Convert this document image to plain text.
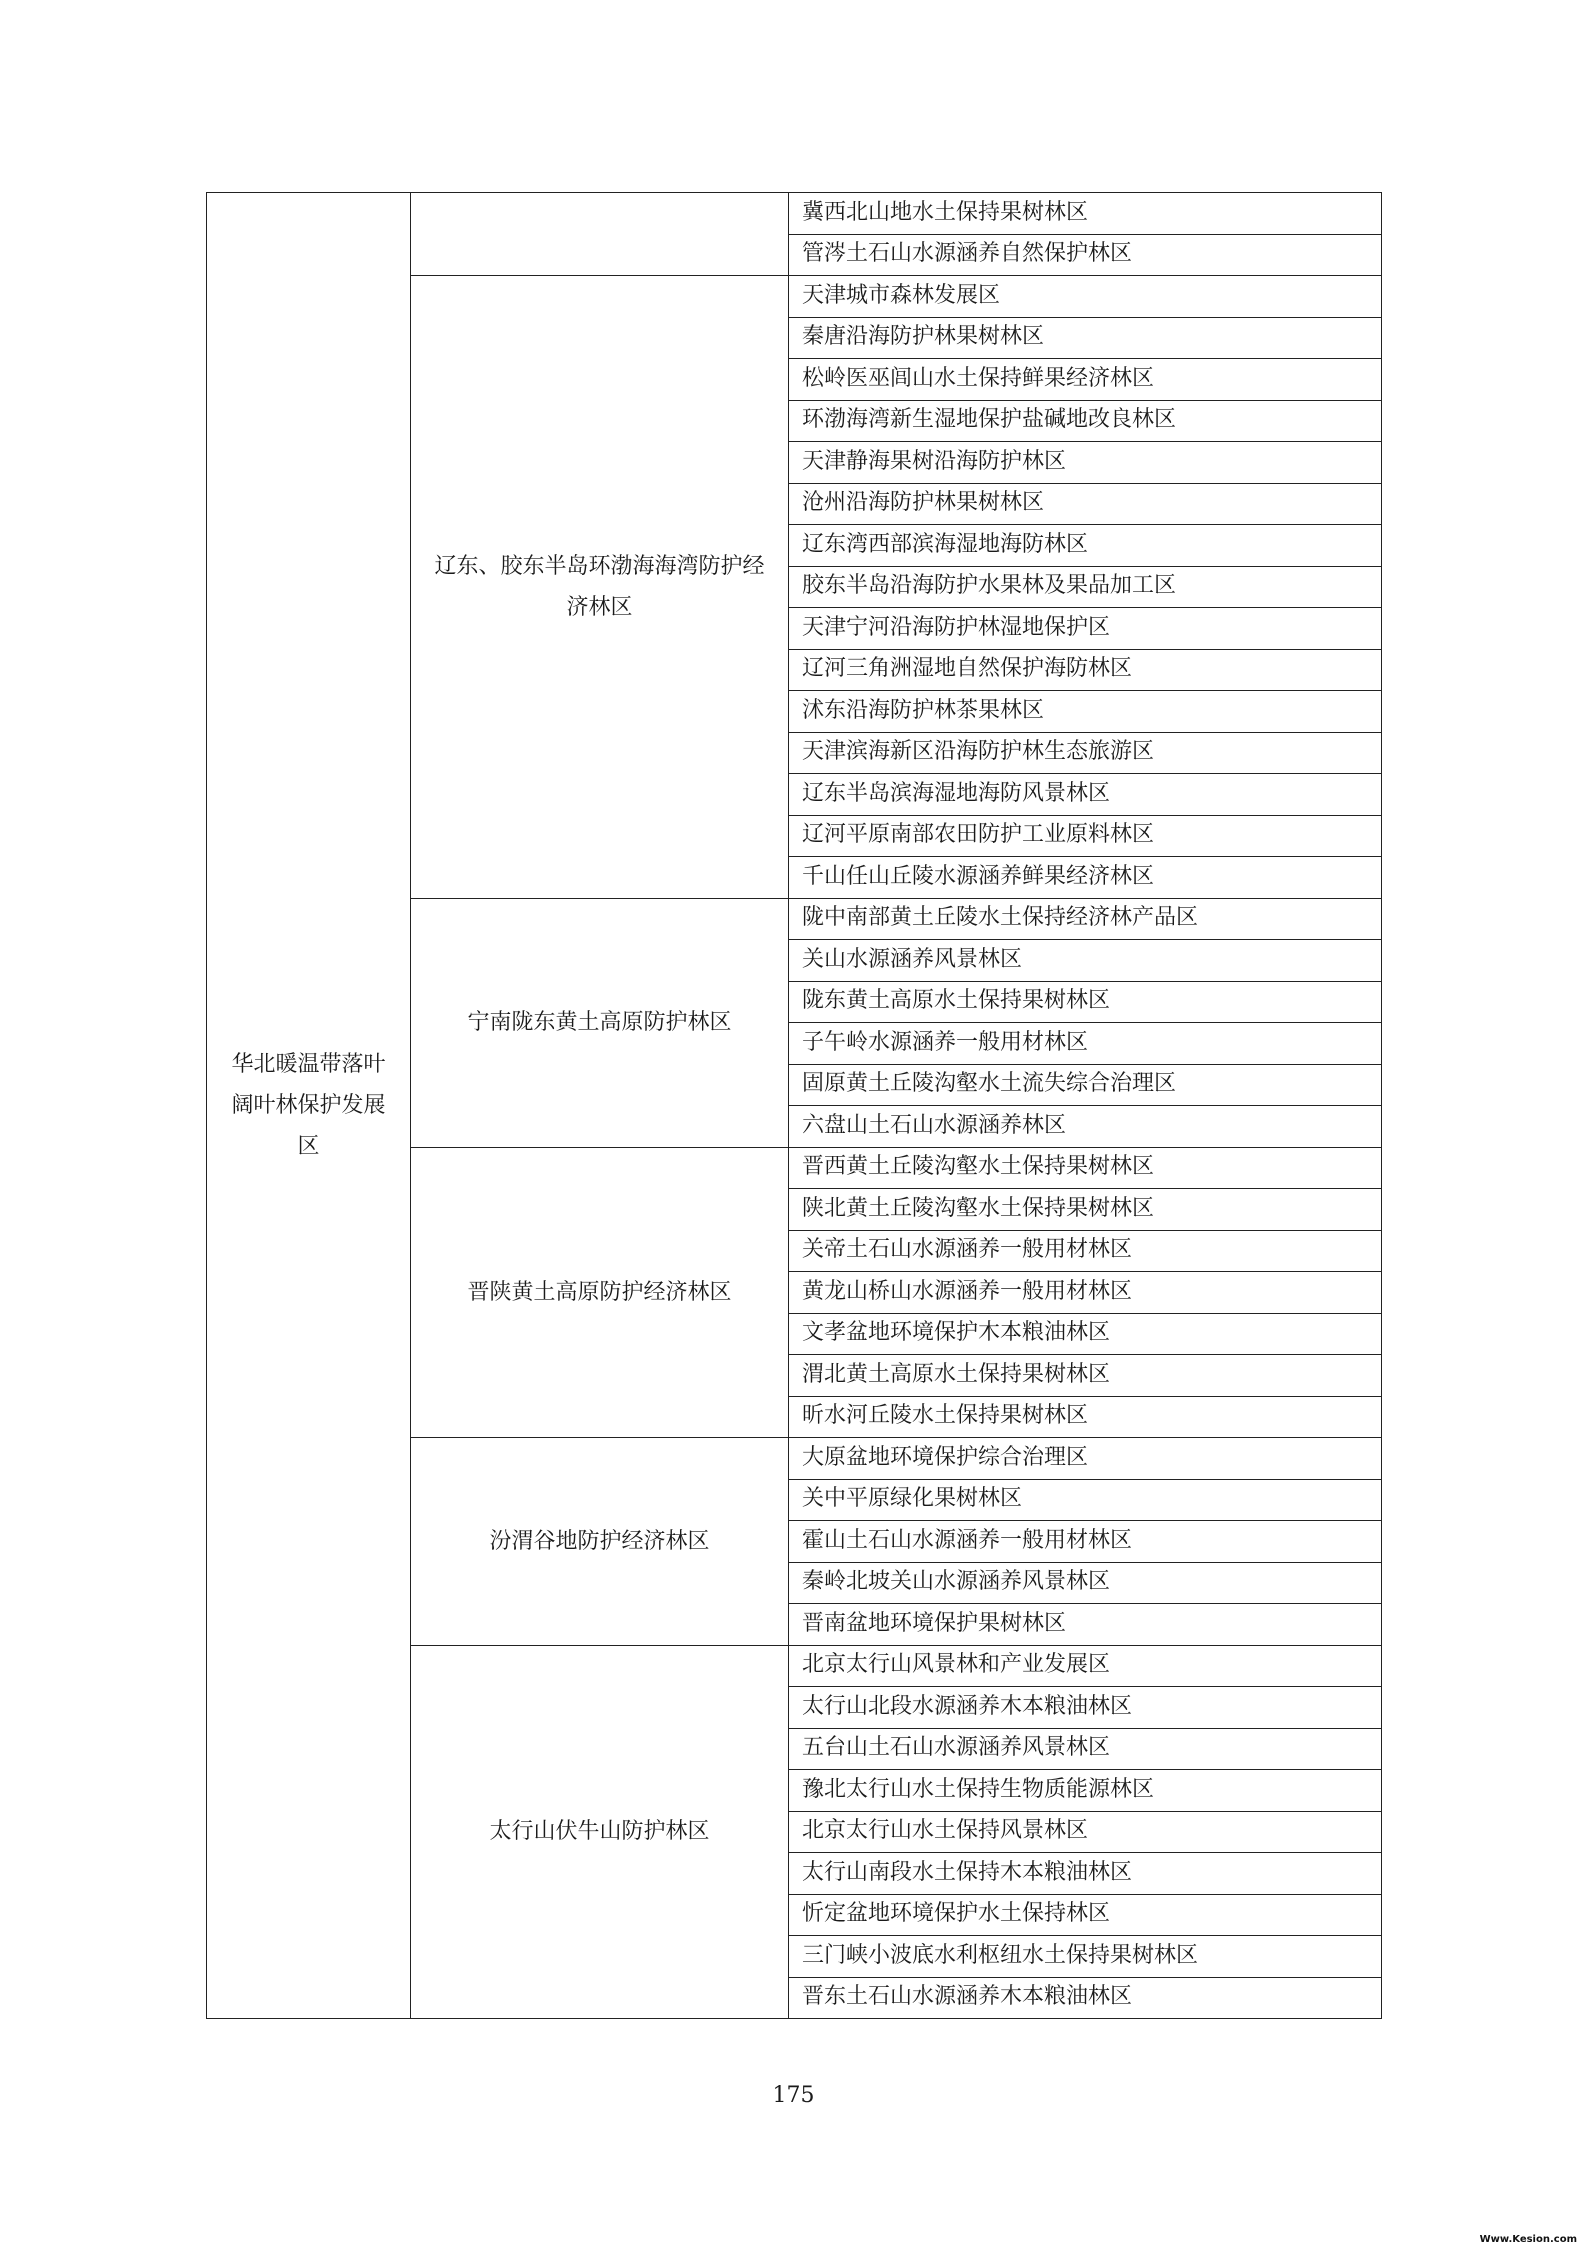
华北暖温带落叶阔叶林保护发展区		冀西北山地水土保持果树林区
		管涔土石山水源涵养自然保护林区
	辽东、胶东半岛环渤海海湾防护经济林区	天津城市森林发展区
		秦唐沿海防护林果树林区
		松岭医巫闾山水土保持鲜果经济林区
		环渤海湾新生湿地保护盐碱地改良林区
		天津静海果树沿海防护林区
		沧州沿海防护林果树林区
		辽东湾西部滨海湿地海防林区
		胶东半岛沿海防护水果林及果品加工区
		天津宁河沿海防护林湿地保护区
		辽河三角洲湿地自然保护海防林区
		沭东沿海防护林茶果林区
		天津滨海新区沿海防护林生态旅游区
		辽东半岛滨海湿地海防风景林区
		辽河平原南部农田防护工业原料林区
		千山任山丘陵水源涵养鲜果经济林区
	宁南陇东黄土高原防护林区	陇中南部黄土丘陵水土保持经济林产品区
		关山水源涵养风景林区
		陇东黄土高原水土保持果树林区
		子午岭水源涵养一般用材林区
		固原黄土丘陵沟壑水土流失综合治理区
		六盘山土石山水源涵养林区
	晋陕黄土高原防护经济林区	晋西黄土丘陵沟壑水土保持果树林区
		陕北黄土丘陵沟壑水土保持果树林区
		关帝土石山水源涵养一般用材林区
		黄龙山桥山水源涵养一般用材林区
		文孝盆地环境保护木本粮油林区
		渭北黄土高原水土保持果树林区
		昕水河丘陵水土保持果树林区
	汾渭谷地防护经济林区	大原盆地环境保护综合治理区
		关中平原绿化果树林区
		霍山土石山水源涵养一般用材林区
		秦岭北坡关山水源涵养风景林区
		晋南盆地环境保护果树林区
	太行山伏牛山防护林区	北京太行山风景林和产业发展区
		太行山北段水源涵养木本粮油林区
		五台山土石山水源涵养风景林区
		豫北太行山水土保持生物质能源林区
		北京太行山水土保持风景林区
		太行山南段水土保持木本粮油林区
		忻定盆地环境保护水土保持林区
		三门峡小波底水利枢纽水土保持果树林区
		晋东土石山水源涵养木本粮油林区
175
Www.Kesion.com
